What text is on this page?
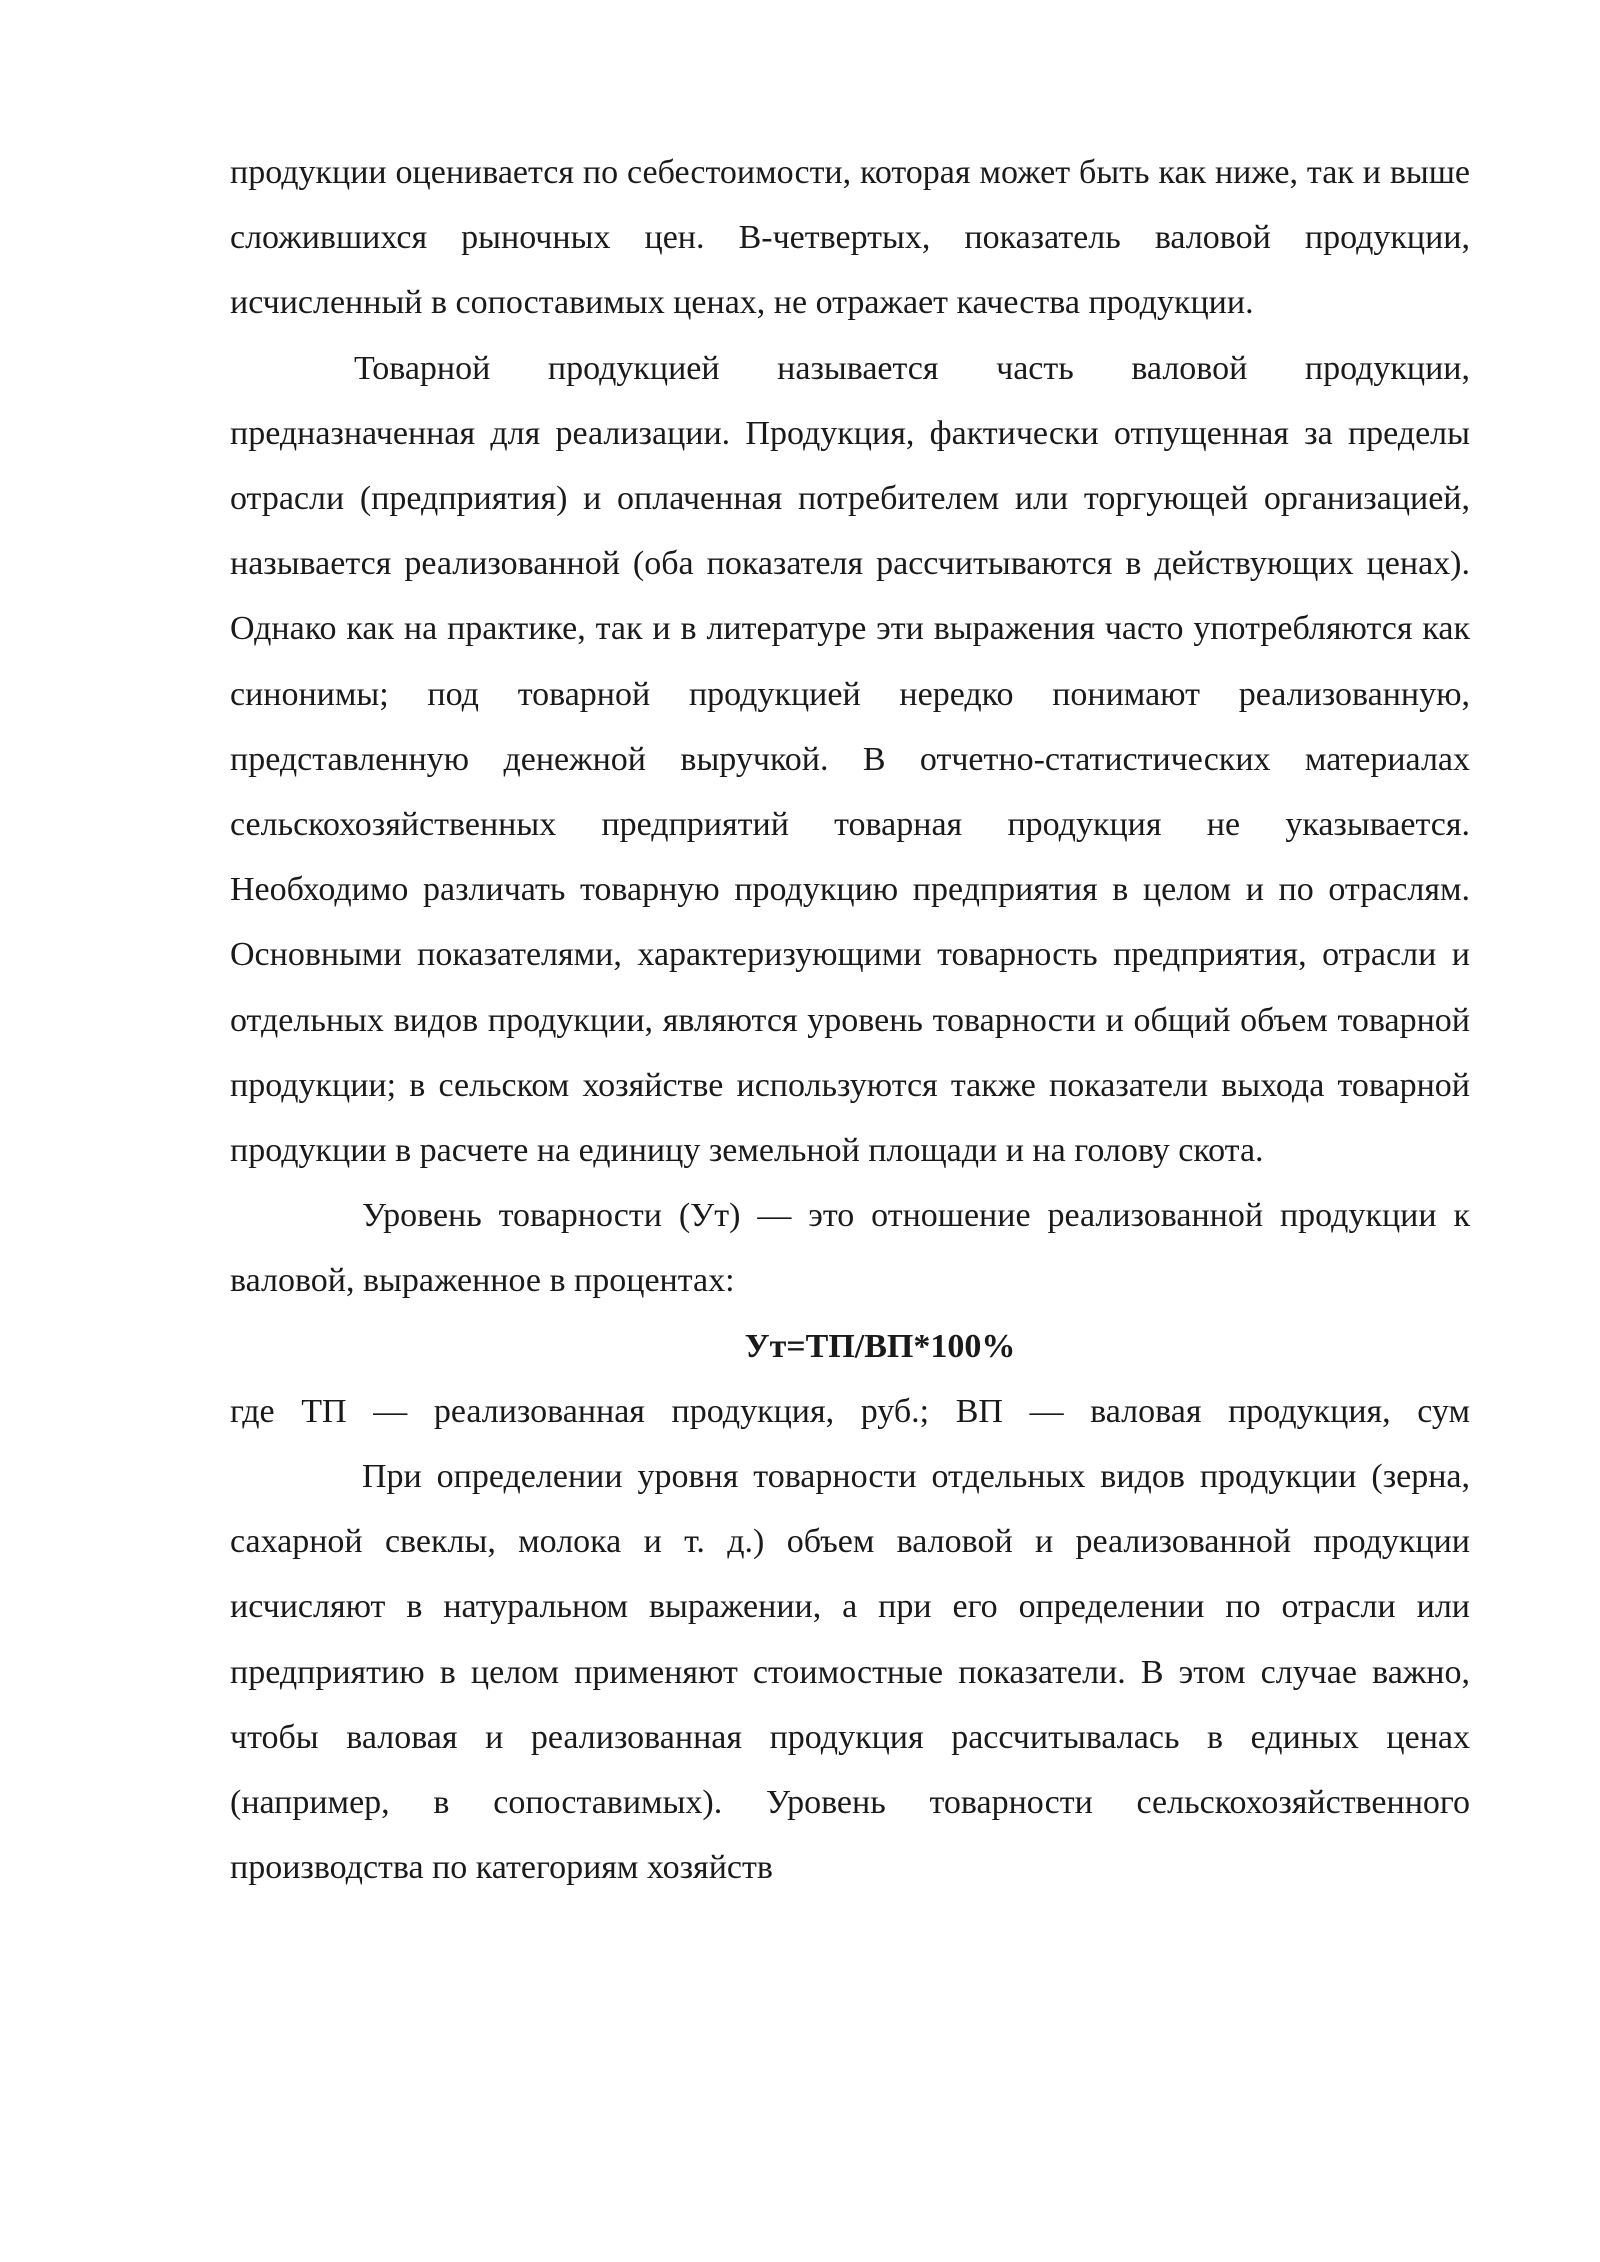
продукции оценивается по себестоимости, которая может быть как ниже, так и выше сложившихся рыночных цен. В-четвертых, показатель валовой продукции, исчисленный в сопоставимых ценах, не отражает качества продукции.

Товарной продукцией называется часть валовой продукции, предназначенная для реализации. Продукция, фактически отпущенная за пределы отрасли (предприятия) и оплаченная потребителем или торгующей организацией, называется реализованной (оба показателя рассчитываются в действующих ценах). Однако как на практике, так и в литературе эти выражения часто употребляются как синонимы; под товарной продукцией нередко понимают реализованную, представленную денежной выручкой. В отчетно-статистических материалах сельскохозяйственных предприятий товарная продукция не указывается. Необходимо различать товарную продукцию предприятия в целом и по отраслям. Основными показателями, характеризующими товарность предприятия, отрасли и отдельных видов продукции, являются уровень товарности и общий объем товарной продукции; в сельском хозяйстве используются также показатели выхода товарной продукции в расчете на единицу земельной площади и на голову скота.

Уровень товарности (Ут) — это отношение реализованной продукции к валовой, выраженное в процентах:

Ут=ТП/ВП*100%

где ТП — реализованная продукция, руб.; ВП — валовая продукция, сум

При определении уровня товарности отдельных видов продукции (зерна, сахарной свеклы, молока и т. д.) объем валовой и реализованной продукции исчисляют в натуральном выражении, а при его определении по отрасли или предприятию в целом применяют стоимостные показатели. В этом случае важно, чтобы валовая и реализованная продукция рассчитывалась в единых ценах (например, в сопоставимых). Уровень товарности сельскохозяйственного производства по категориям хозяйств
